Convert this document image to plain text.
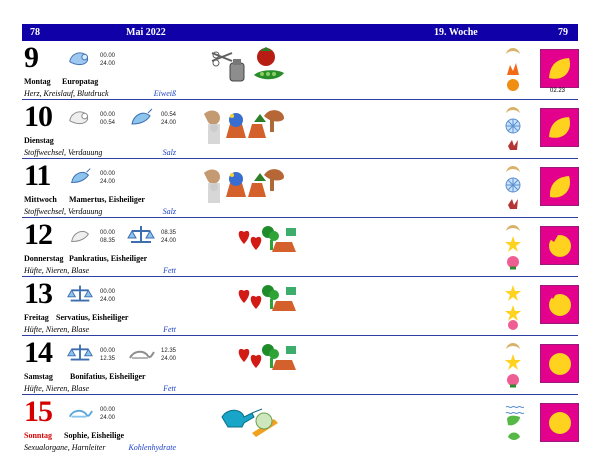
78	Mai 2022	19. Woche	79
9	00.00
24.00
02.23
Montag Europatag
Herz, Kreislauf, Blutdruck	Eiweiß
10	00.00
00.54
00.54
24.00
Dienstag
Stoffwechsel, Verdauung	Salz
11	00.00
24.00
Mittwoch Mamertus, Eisheiliger
Stoffwechsel, Verdauung	Salz
12	00.00
08.35
08.35
24.00
Donnerstag Pankratius, Eisheiliger
Hüfte, Nieren, Blase	Fett
13	00.00
24.00
Freitag Servatius, Eisheiliger
Hüfte, Nieren, Blase	Fett
14	00.00
12.35
12.35
24.00
Samstag Bonifatius, Eisheiliger
Hüfte, Nieren, Blase	Fett
15	00.00
24.00
Sonntag Sophie, Eisheilige
Sexualorgane, Harnleiter	Kohlenhydrate
